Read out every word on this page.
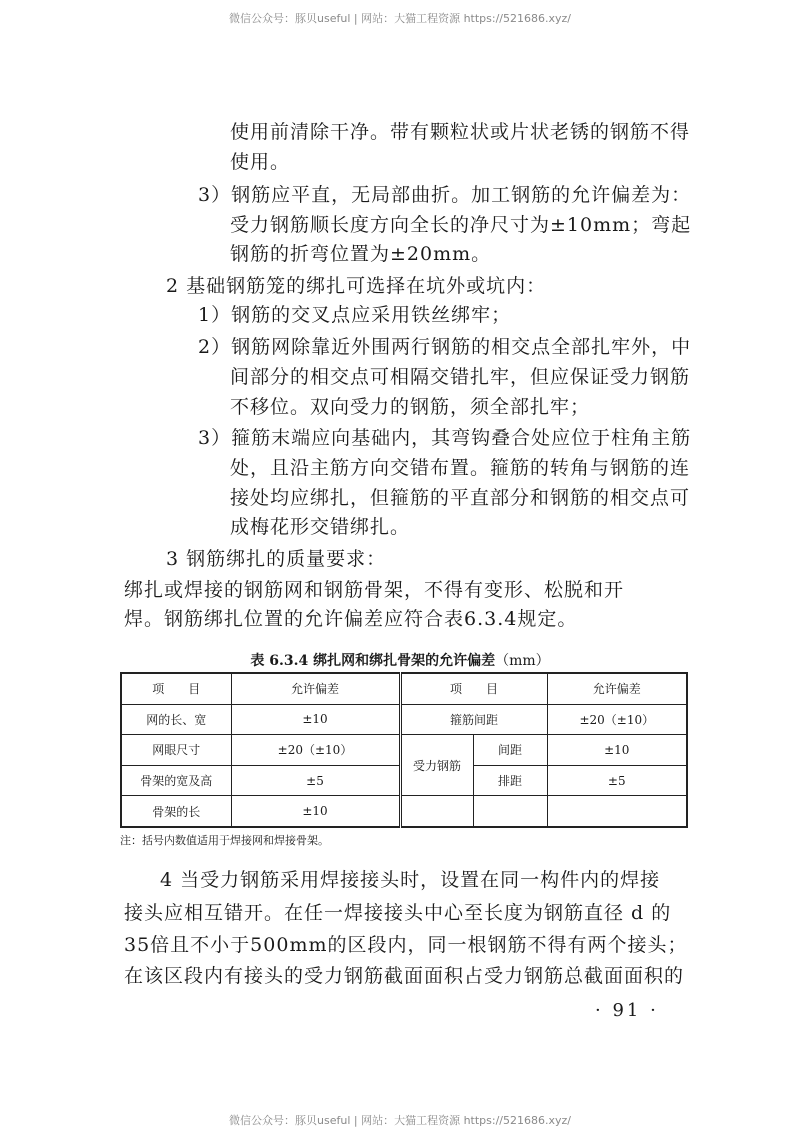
微信公众号：豚贝useful | 网站：大猫工程资源 https://521686.xyz/
使用前清除干净。带有颗粒状或片状老锈的钢筋不得
使用。
3）钢筋应平直，无局部曲折。加工钢筋的允许偏差为：
受力钢筋顺长度方向全长的净尺寸为±10mm；弯起
钢筋的折弯位置为±20mm。
2 基础钢筋笼的绑扎可选择在坑外或坑内：
1）钢筋的交叉点应采用铁丝绑牢；
2）钢筋网除靠近外围两行钢筋的相交点全部扎牢外，中
间部分的相交点可相隔交错扎牢，但应保证受力钢筋
不移位。双向受力的钢筋，须全部扎牢；
3）箍筋末端应向基础内，其弯钩叠合处应位于柱角主筋
处，且沿主筋方向交错布置。箍筋的转角与钢筋的连
接处均应绑扎，但箍筋的平直部分和钢筋的相交点可
成梅花形交错绑扎。
3 钢筋绑扎的质量要求：
绑扎或焊接的钢筋网和钢筋骨架，不得有变形、松脱和开
焊。钢筋绑扎位置的允许偏差应符合表6.3.4规定。
表 6.3.4 绑扎网和绑扎骨架的允许偏差（mm）
项　　目	允许偏差	项　　目		允许偏差
网的长、宽	±10	箍筋间距		±20（±10）
网眼尺寸	±20（±10）	受力钢筋	间距	±10
骨架的宽及高	±5		排距	±5
骨架的长	±10			
注：括号内数值适用于焊接网和焊接骨架。
4 当受力钢筋采用焊接接头时，设置在同一构件内的焊接
接头应相互错开。在任一焊接接头中心至长度为钢筋直径 d 的
35倍且不小于500mm的区段内，同一根钢筋不得有两个接头；
在该区段内有接头的受力钢筋截面面积占受力钢筋总截面面积的
· 91 ·
微信公众号：豚贝useful | 网站：大猫工程资源 https://521686.xyz/
